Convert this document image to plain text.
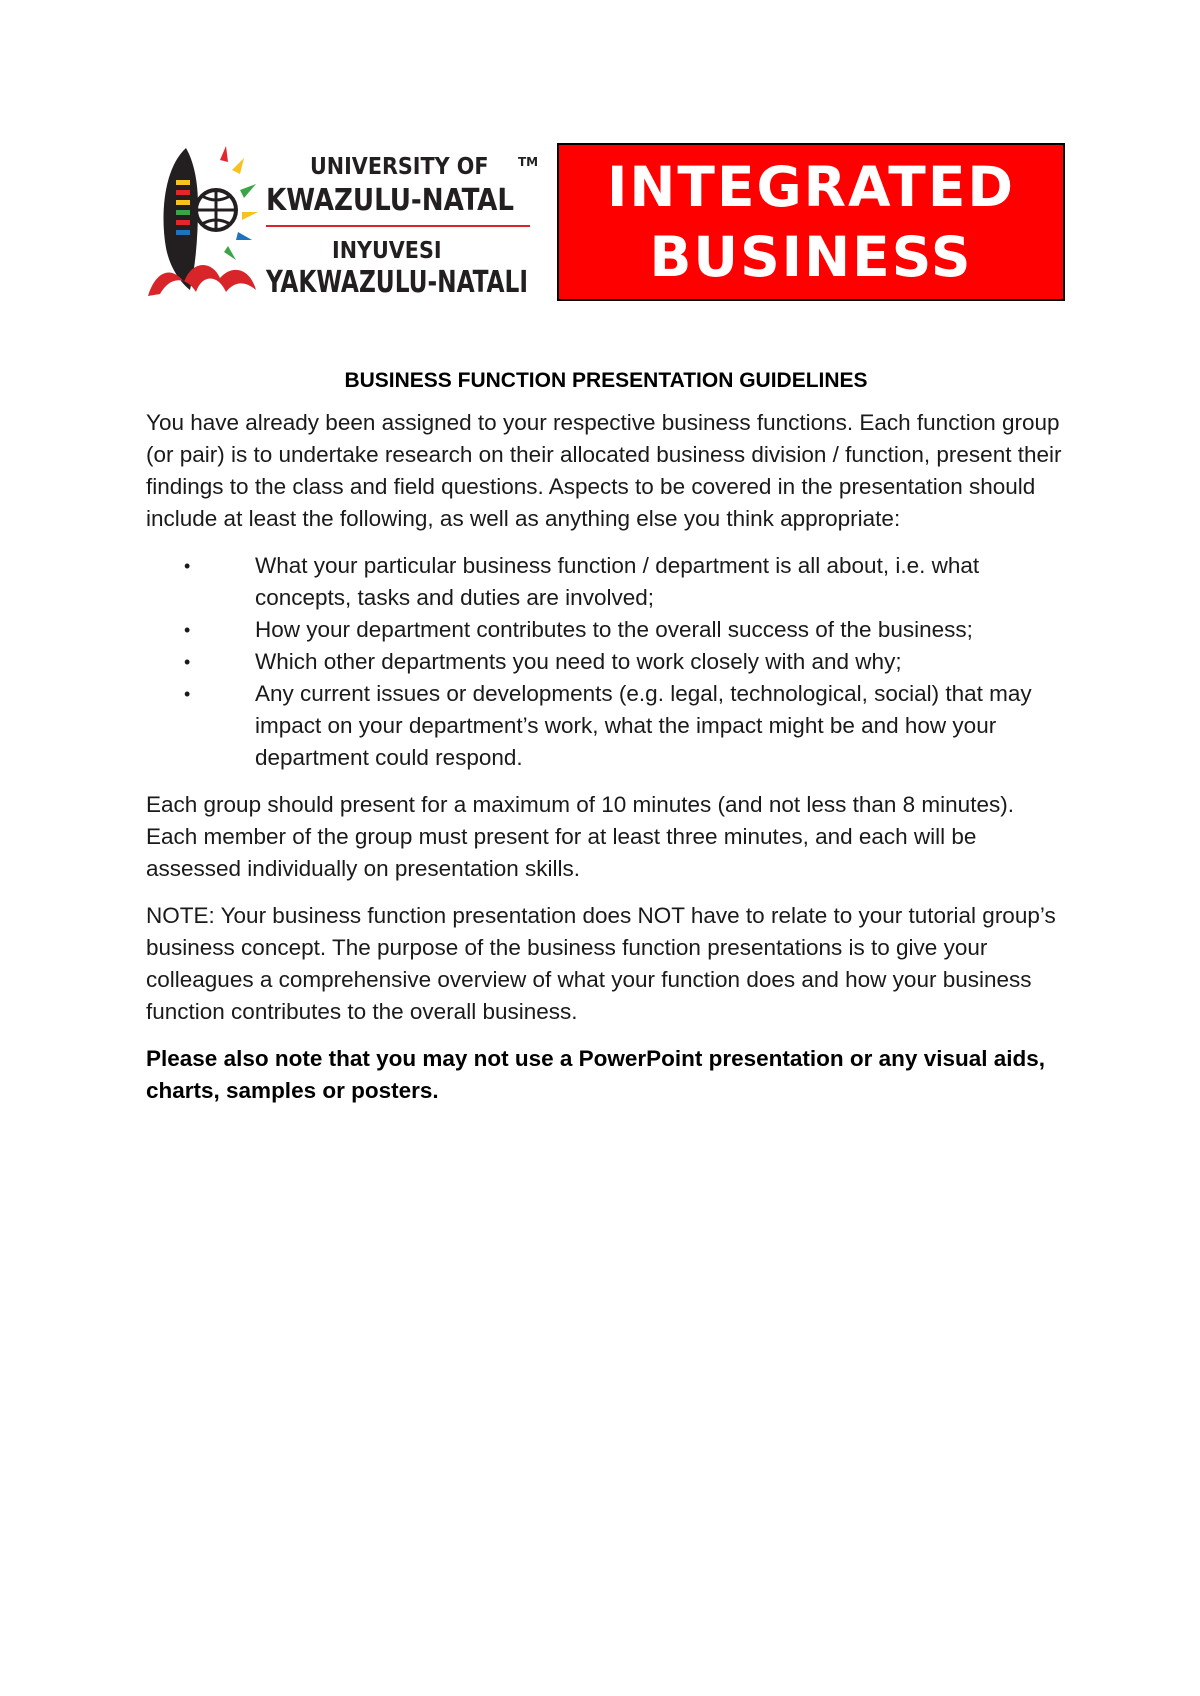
UNIVERSITY OF TM
KWAZULU-NATAL
INYUVESI
YAKWAZULU-NATALI
INTEGRATED
BUSINESS
BUSINESS FUNCTION PRESENTATION GUIDELINES

You have already been assigned to your respective business functions. Each function group (or pair) is to undertake research on their allocated business division / function, present their findings to the class and field questions. Aspects to be covered in the presentation should include at least the following, as well as anything else you think appropriate:

•	What your particular business function / department is all about, i.e. what concepts, tasks and duties are involved;
•	How your department contributes to the overall success of the business;
•	Which other departments you need to work closely with and why;
•	Any current issues or developments (e.g. legal, technological, social) that may impact on your department’s work, what the impact might be and how your department could respond.

Each group should present for a maximum of 10 minutes (and not less than 8 minutes). Each member of the group must present for at least three minutes, and each will be assessed individually on presentation skills.

NOTE: Your business function presentation does NOT have to relate to your tutorial group’s business concept. The purpose of the business function presentations is to give your colleagues a comprehensive overview of what your function does and how your business function contributes to the overall business.

Please also note that you may not use a PowerPoint presentation or any visual aids, charts, samples or posters.
